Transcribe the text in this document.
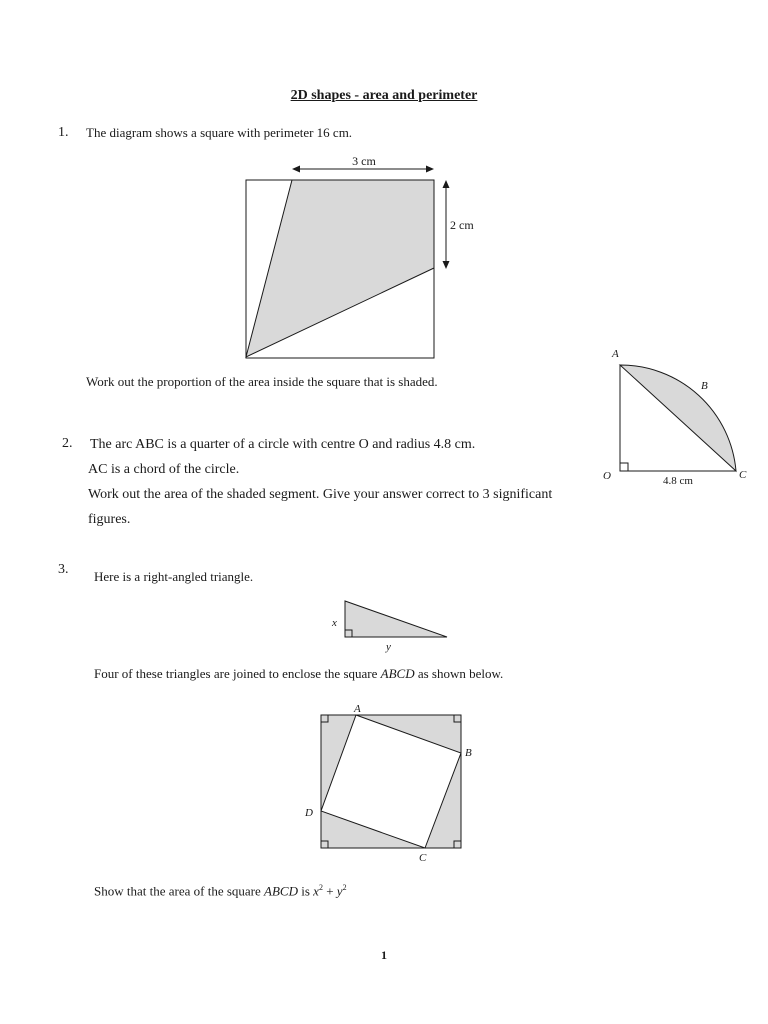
2D shapes - area and perimeter
1. The diagram shows a square with perimeter 16 cm.
3 cm
2 cm
Work out the proportion of the area inside the square that is shaded.
2. The arc ABC is a quarter of a circle with centre O and radius 4.8 cm.
AC is a chord of the circle.
Work out the area of the shaded segment. Give your answer correct to 3 significant
figures.
A
B
C
O	4.8 cm
3. Here is a right-angled triangle.
x
y
Four of these triangles are joined to enclose the square ABCD as shown below.
A
B
C
D
Show that the area of the square ABCD is $x^2 + y^2$
1
